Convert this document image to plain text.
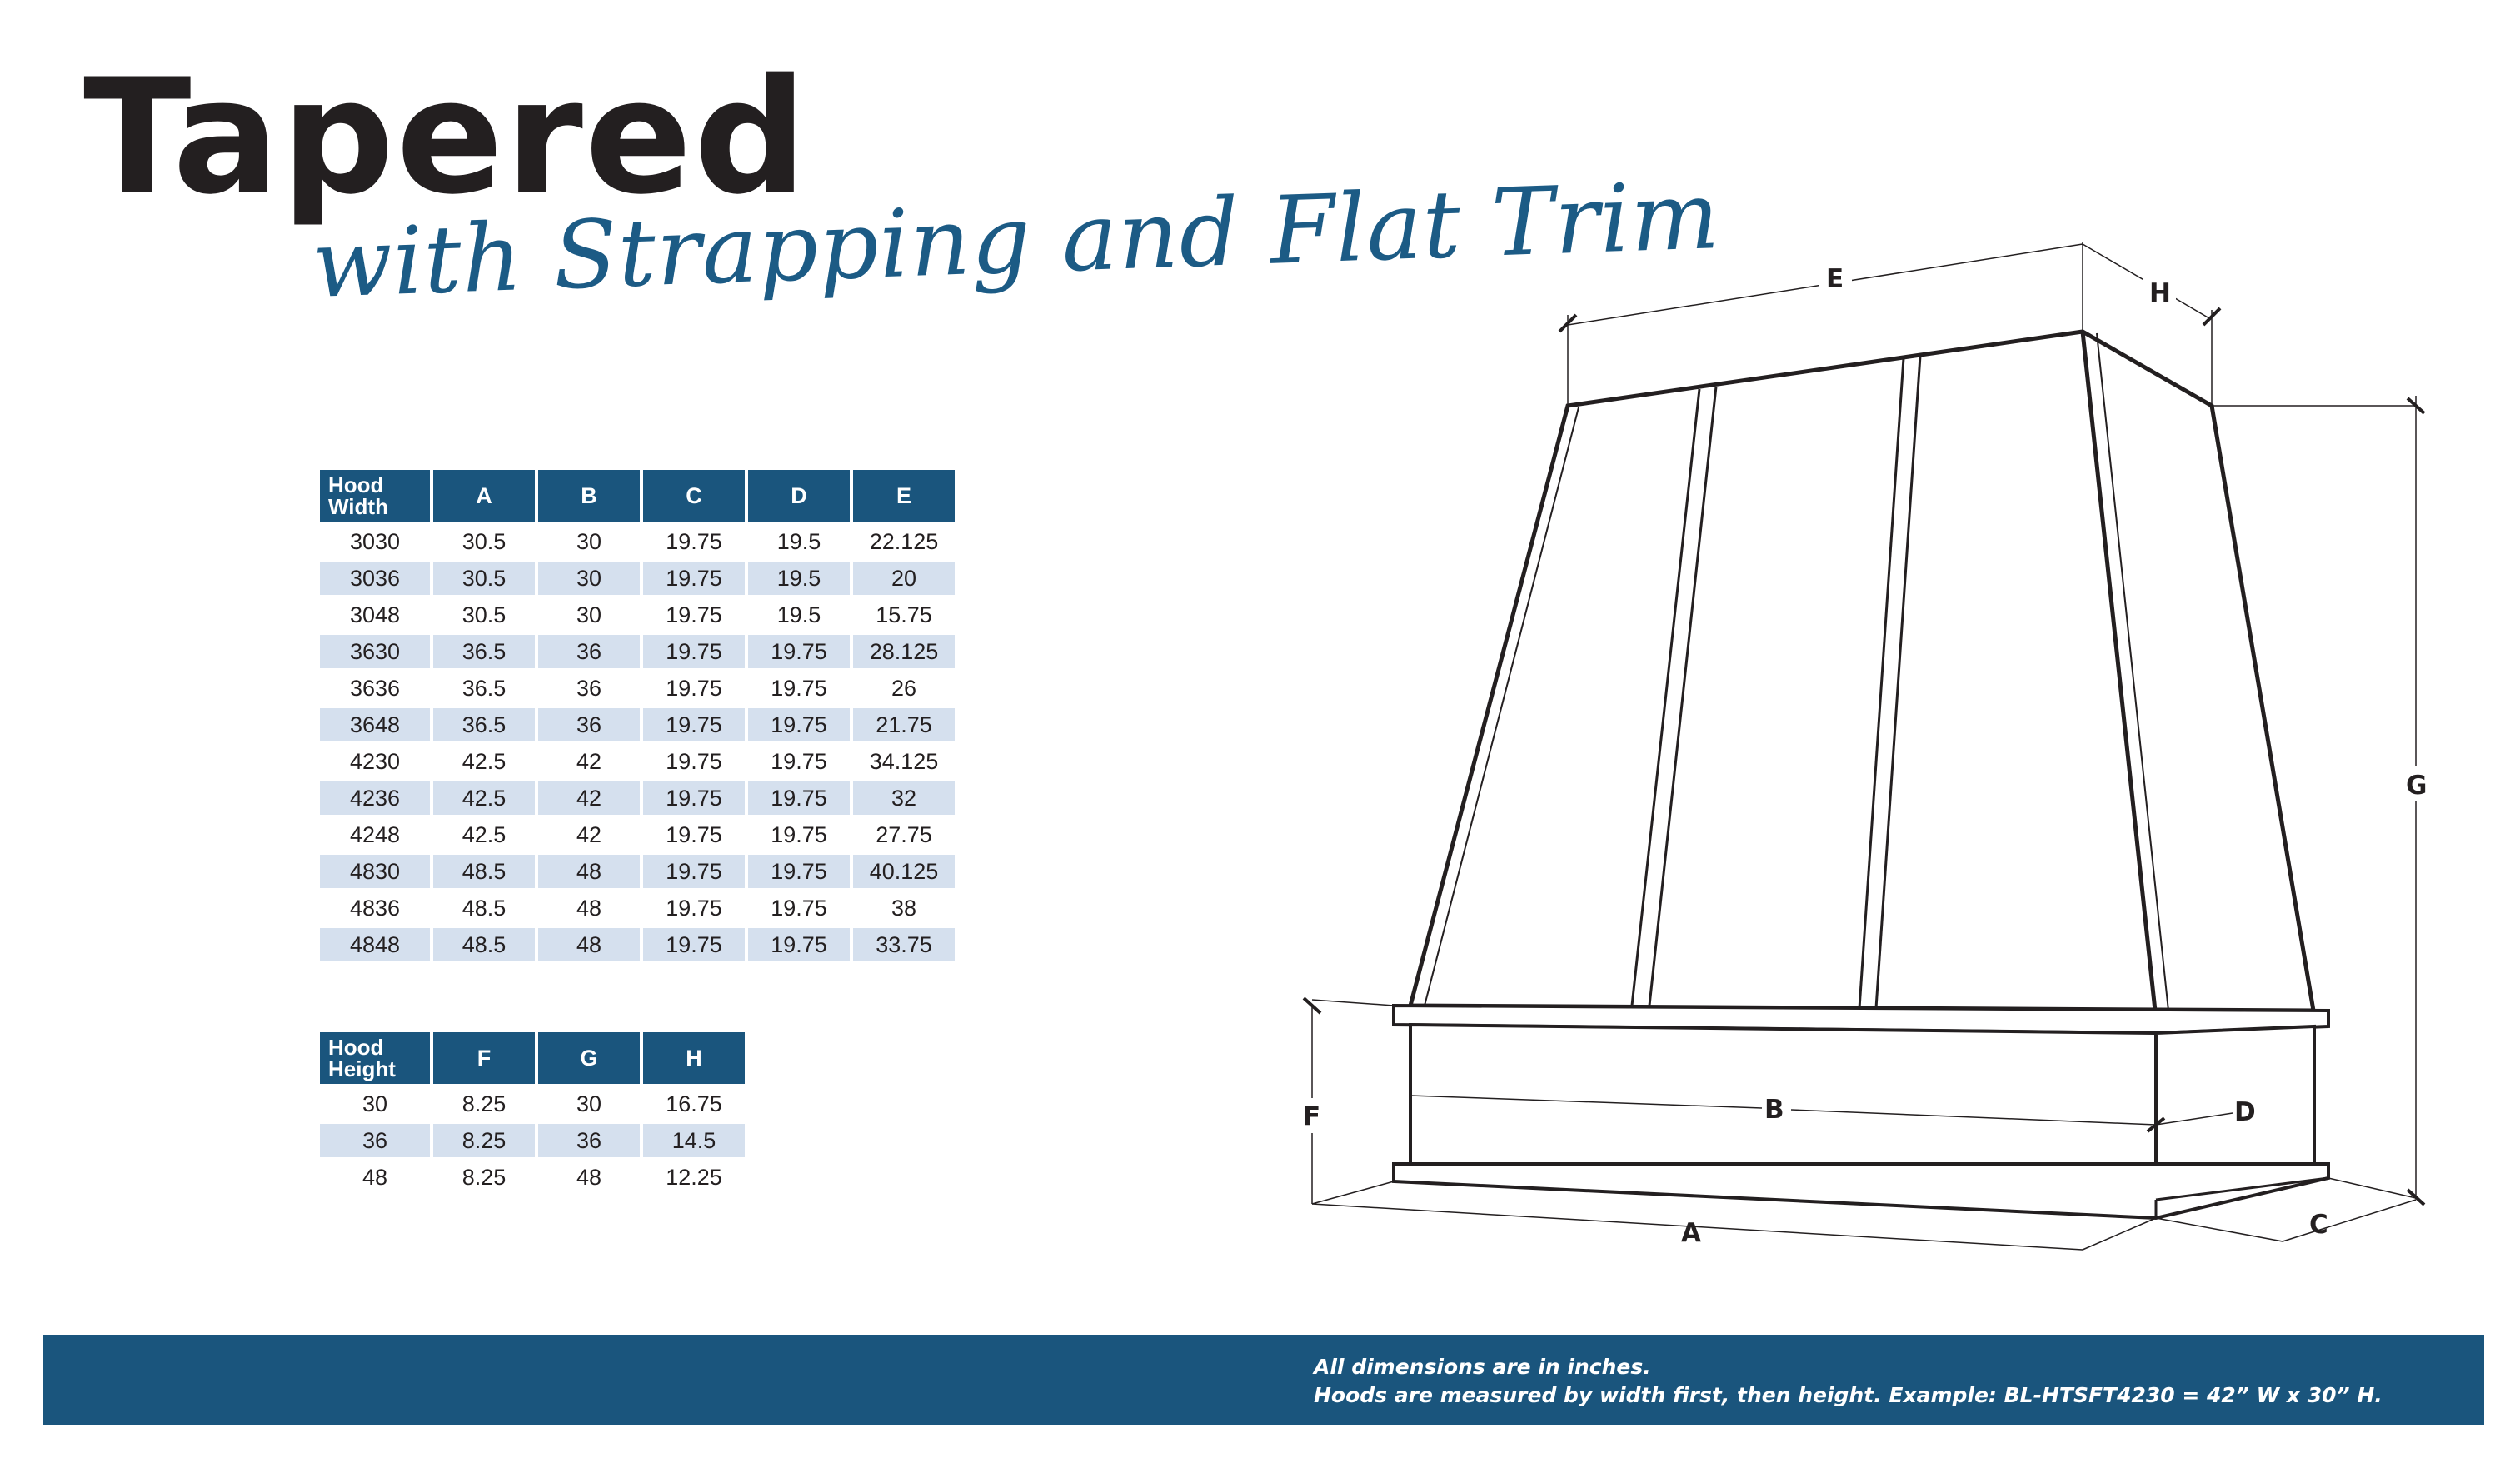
Tapered
with Strapping and Flat Trim
Hood
Width	A	B	C	D	E
3030	30.5	30	19.75	19.5	22.125
3036	30.5	30	19.75	19.5	20
3048	30.5	30	19.75	19.5	15.75
3630	36.5	36	19.75	19.75	28.125
3636	36.5	36	19.75	19.75	26
3648	36.5	36	19.75	19.75	21.75
4230	42.5	42	19.75	19.75	34.125
4236	42.5	42	19.75	19.75	32
4248	42.5	42	19.75	19.75	27.75
4830	48.5	48	19.75	19.75	40.125
4836	48.5	48	19.75	19.75	38
4848	48.5	48	19.75	19.75	33.75
Hood
Height	F	G	H
30	8.25	30	16.75
36	8.25	36	14.5
48	8.25	48	12.25
E	H
G
F	B	D
A	C
All dimensions are in inches.
Hoods are measured by width first, then height. Example: BL-HTSFT4230 = 42” W x 30” H.
